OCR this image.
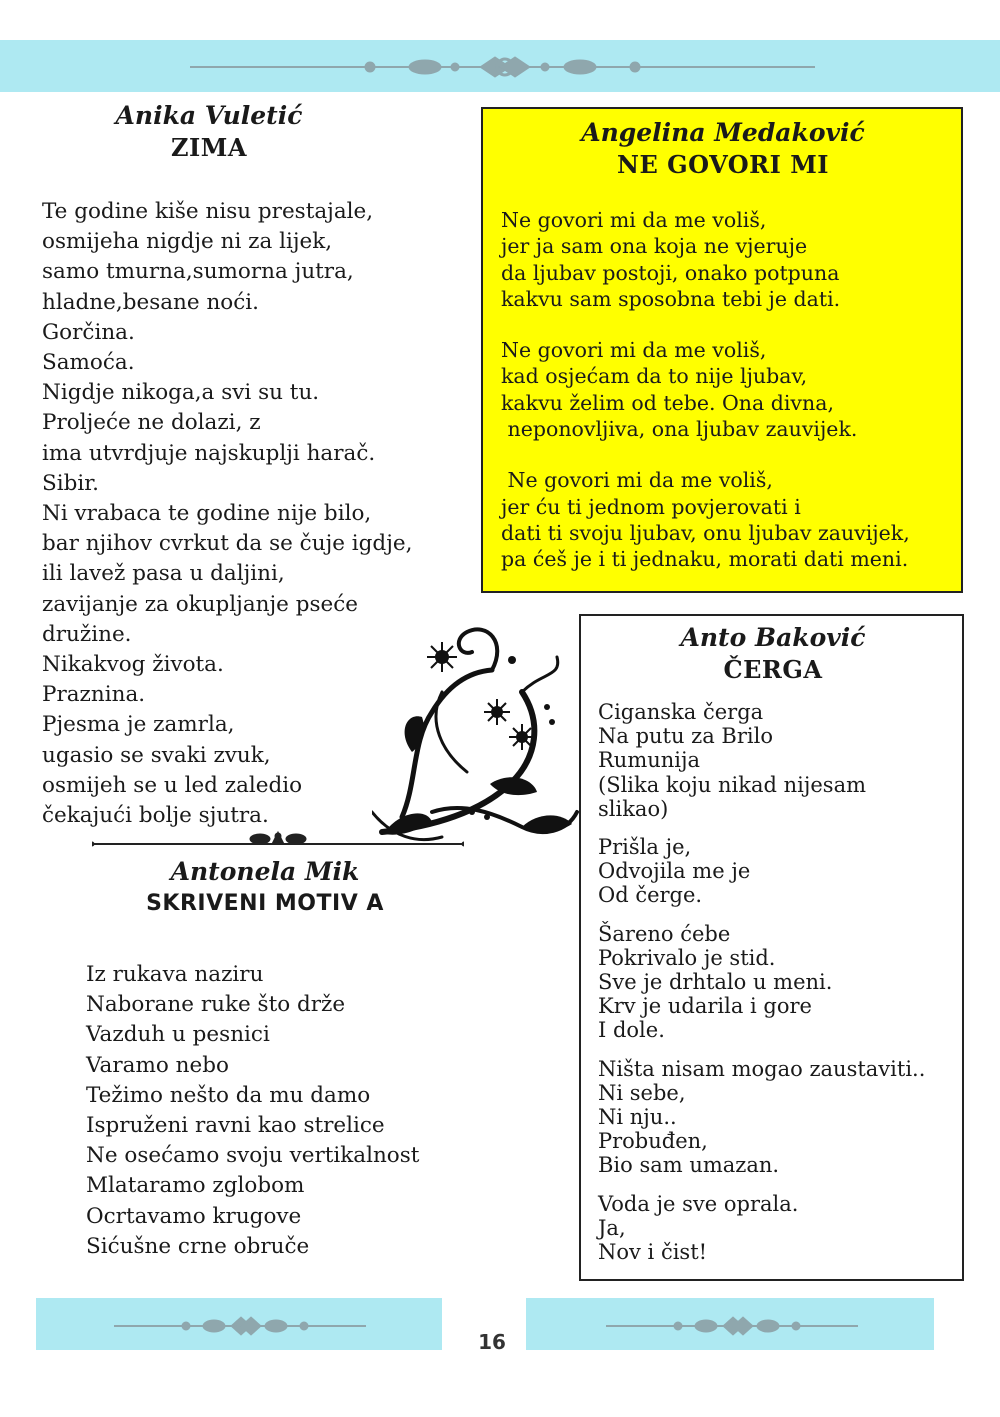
Anika Vuletić
ZIMA
Te godine kiše nisu prestajale,
osmijeha nigdje ni za lijek,
samo tmurna,sumorna jutra,
hladne,besane noći.
Gorčina.
Samoća.
Nigdje nikoga,a svi su tu.
Proljeće ne dolazi, z
ima utvrdjuje najskuplji harač.
Sibir.
Ni vrabaca te godine nije bilo,
bar njihov cvrkut da se čuje igdje,
ili lavež pasa u daljini,
zavijanje za okupljanje pseće družine.
Nikakvog života.
Praznina.
Pjesma je zamrla,
ugasio se svaki zvuk,
osmijeh se u led zaledio
čekajući bolje sjutra.
Angelina Medaković
NE GOVORI MI
Ne govori mi da me voliš,
jer ja sam ona koja ne vjeruje
da ljubav postoji, onako potpuna
kakvu sam sposobna tebi je dati.
Ne govori mi da me voliš,
kad osjećam da to nije ljubav,
kakvu želim od tebe. Ona divna,
neponovljiva, ona ljubav zauvijek.
Ne govori mi da me voliš,
jer ću ti jednom povjerovati i
dati ti svoju ljubav, onu ljubav zauvijek,
pa ćeš je i ti jednaku, morati dati meni.
Anto Baković
ČERGA
Ciganska čerga
Na putu za Brilo
Rumunija
(Slika koju nikad nijesam
slikao)
Prišla je,
Odvojila me je
Od čerge.
Šareno ćebe
Pokrivalo je stid.
Sve je drhtalo u meni.
Krv je udarila i gore
I dole.
Ništa nisam mogao zaustaviti..
Ni sebe,
Ni nju..
Probuđen,
Bio sam umazan.
Voda je sve oprala.
Ja,
Nov i čist!
Antonela Mik
SKRIVENI MOTIV A
Iz rukava naziru
Naborane ruke što drže
Vazduh u pesnici
Varamo nebo
Težimo nešto da mu damo
Ispruženi ravni kao strelice
Ne osećamo svoju vertikalnost
Mlataramo zglobom
Ocrtavamo krugove
Sićušne crne obruče
16
